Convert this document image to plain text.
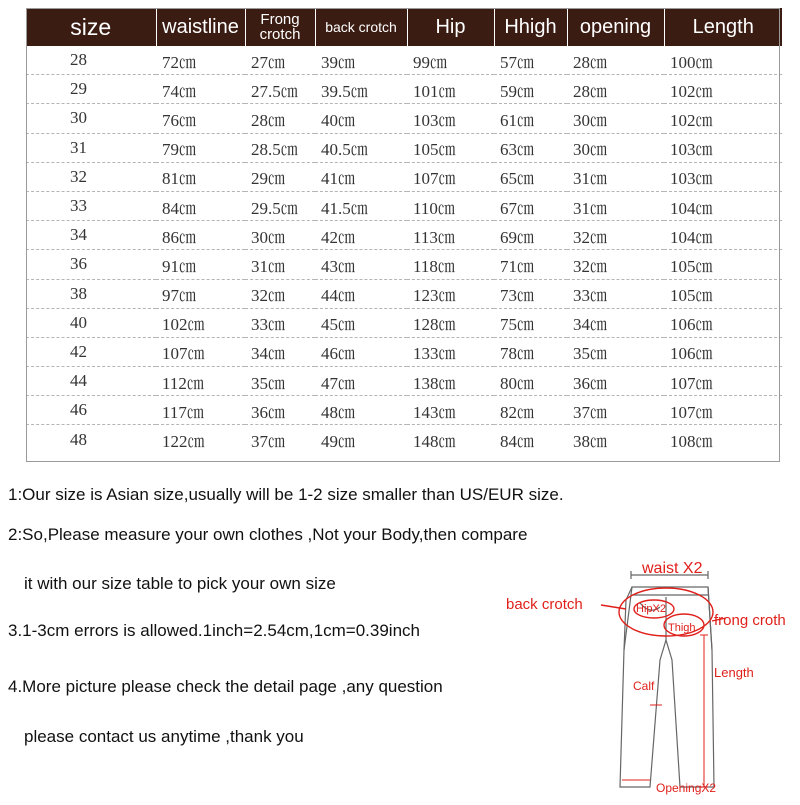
size	waistline	Frong crotch	back crotch	Hip	Hhigh	opening	Length
28	72㎝	27㎝	39㎝	99㎝	57㎝	28㎝	100㎝
29	74㎝	27.5㎝	39.5㎝	101㎝	59㎝	28㎝	102㎝
30	76㎝	28㎝	40㎝	103㎝	61㎝	30㎝	102㎝
31	79㎝	28.5㎝	40.5㎝	105㎝	63㎝	30㎝	103㎝
32	81㎝	29㎝	41㎝	107㎝	65㎝	31㎝	103㎝
33	84㎝	29.5㎝	41.5㎝	110㎝	67㎝	31㎝	104㎝
34	86㎝	30㎝	42㎝	113㎝	69㎝	32㎝	104㎝
36	91㎝	31㎝	43㎝	118㎝	71㎝	32㎝	105㎝
38	97㎝	32㎝	44㎝	123㎝	73㎝	33㎝	105㎝
40	102㎝	33㎝	45㎝	128㎝	75㎝	34㎝	106㎝
42	107㎝	34㎝	46㎝	133㎝	78㎝	35㎝	106㎝
44	112㎝	35㎝	47㎝	138㎝	80㎝	36㎝	107㎝
46	117㎝	36㎝	48㎝	143㎝	82㎝	37㎝	107㎝
48	122㎝	37㎝	49㎝	148㎝	84㎝	38㎝	108㎝
1:Our size is Asian size,usually will be 1-2 size smaller than US/EUR size.
2:So,Please measure your own clothes ,Not your Body,then compare
it with our size table to pick your own size
3.1-3cm errors is allowed.1inch=2.54cm,1cm=0.39inch
4.More picture please check the detail page ,any question
please contact us anytime ,thank you
waist X2
back crotch	HipX2
Thigh frong croth
Length
Calf
OpeningX2
